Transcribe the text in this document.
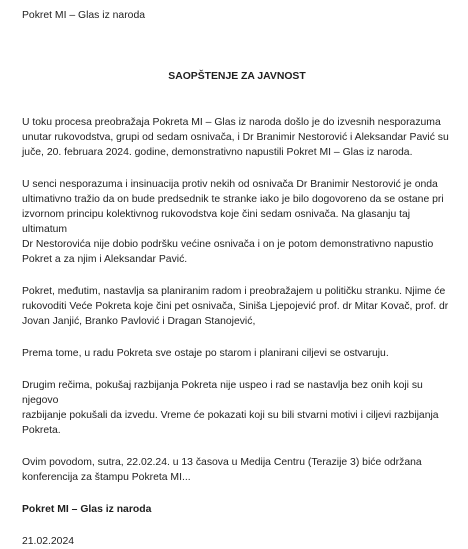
Pokret MI – Glas iz naroda

SAOPŠTENJE ZA JAVNOST

U toku procesa preobražaja Pokreta MI – Glas iz naroda došlo je do izvesnih nesporazuma

unutar rukovodstva, grupi od sedam osnivača, i Dr Branimir Nestorović i Aleksandar Pavić su

juče, 20. februara 2024. godine, demonstrativno napustili Pokret MI – Glas iz naroda.

U senci nesporazuma i insinuacija protiv nekih od osnivača Dr Branimir Nestorović je onda

ultimativno tražio da on bude predsednik te stranke iako je bilo dogovoreno da se ostane pri

izvornom principu kolektivnog rukovodstva koje čini sedam osnivača. Na glasanju taj ultimatum

Dr Nestorovića nije dobio podršku većine osnivača i on je potom demonstrativno napustio

Pokret a za njim i Aleksandar Pavić.

Pokret, međutim, nastavlja sa planiranim radom i preobražajem u političku stranku. Njime će

rukovoditi Veće Pokreta koje čini pet osnivača, Siniša Ljepojević prof. dr Mitar Kovač, prof. dr

Jovan Janjić, Branko Pavlović i Dragan Stanojević,

Prema tome, u radu Pokreta sve ostaje po starom i planirani ciljevi se ostvaruju.

Drugim rečima, pokušaj razbijanja Pokreta nije uspeo i rad se nastavlja bez onih koji su njegovo

razbijanje pokušali da izvedu. Vreme će pokazati koji su bili stvarni motivi i ciljevi razbijanja

Pokreta.

Ovim povodom, sutra, 22.02.24. u 13 časova u Medija Centru (Terazije 3) biće održana

konferencija za štampu Pokreta MI...

Pokret MI – Glas iz naroda

21.02.2024
